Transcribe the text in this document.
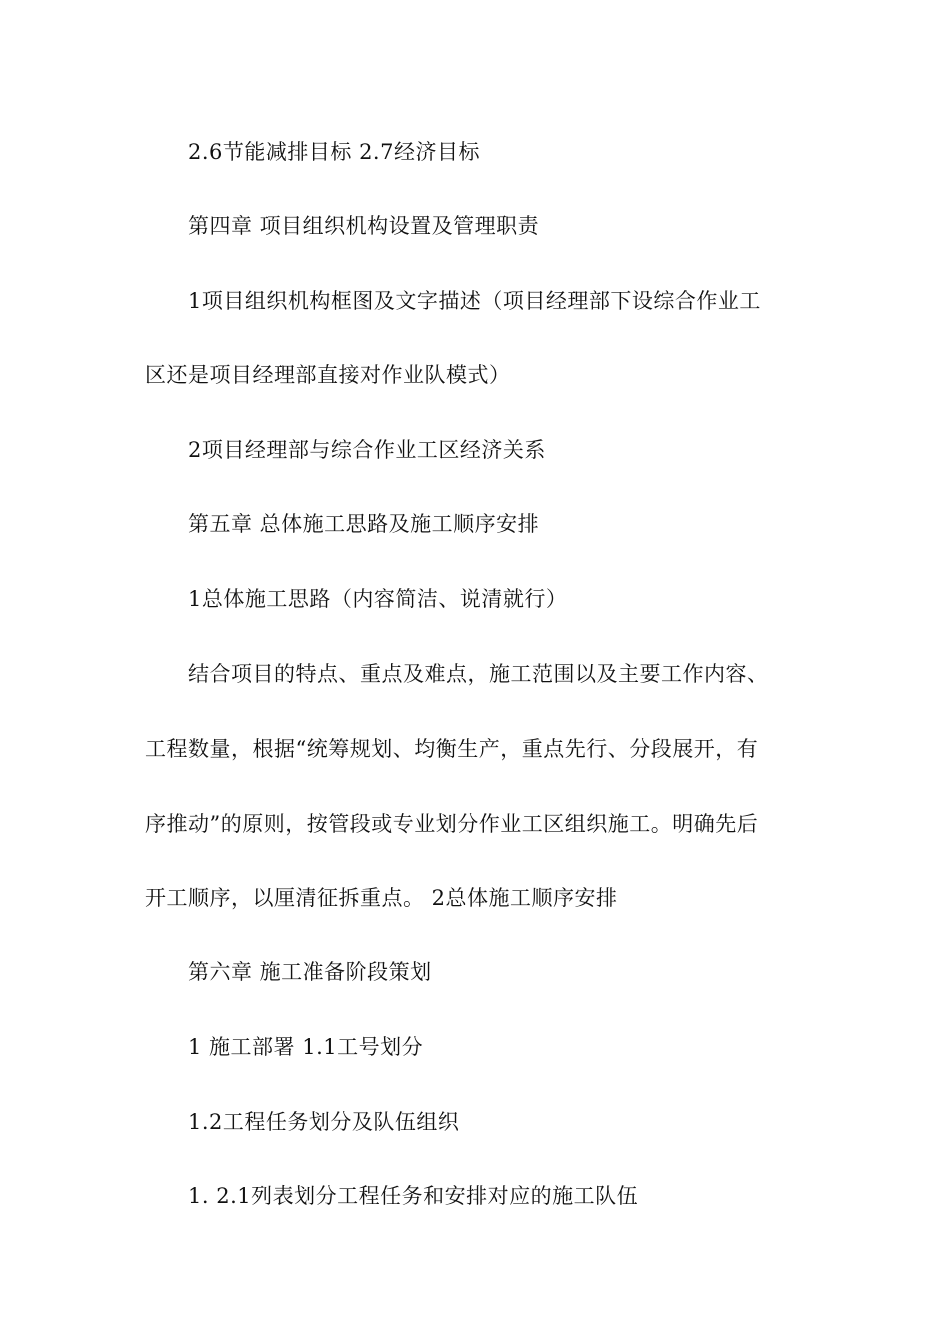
2.6节能减排目标 2.7经济目标
第四章 项目组织机构设置及管理职责
1项目组织机构框图及文字描述（项目经理部下设综合作业工
区还是项目经理部直接对作业队模式）
2项目经理部与综合作业工区经济关系
第五章 总体施工思路及施工顺序安排
1总体施工思路（内容简洁、说清就行）
结合项目的特点、重点及难点，施工范围以及主要工作内容、
工程数量，根据“统筹规划、均衡生产，重点先行、分段展开，有
序推动”的原则，按管段或专业划分作业工区组织施工。明确先后
开工顺序，以厘清征拆重点。 2总体施工顺序安排
第六章 施工准备阶段策划
1 施工部署 1.1工号划分
1.2工程任务划分及队伍组织
1. 2.1列表划分工程任务和安排对应的施工队伍
